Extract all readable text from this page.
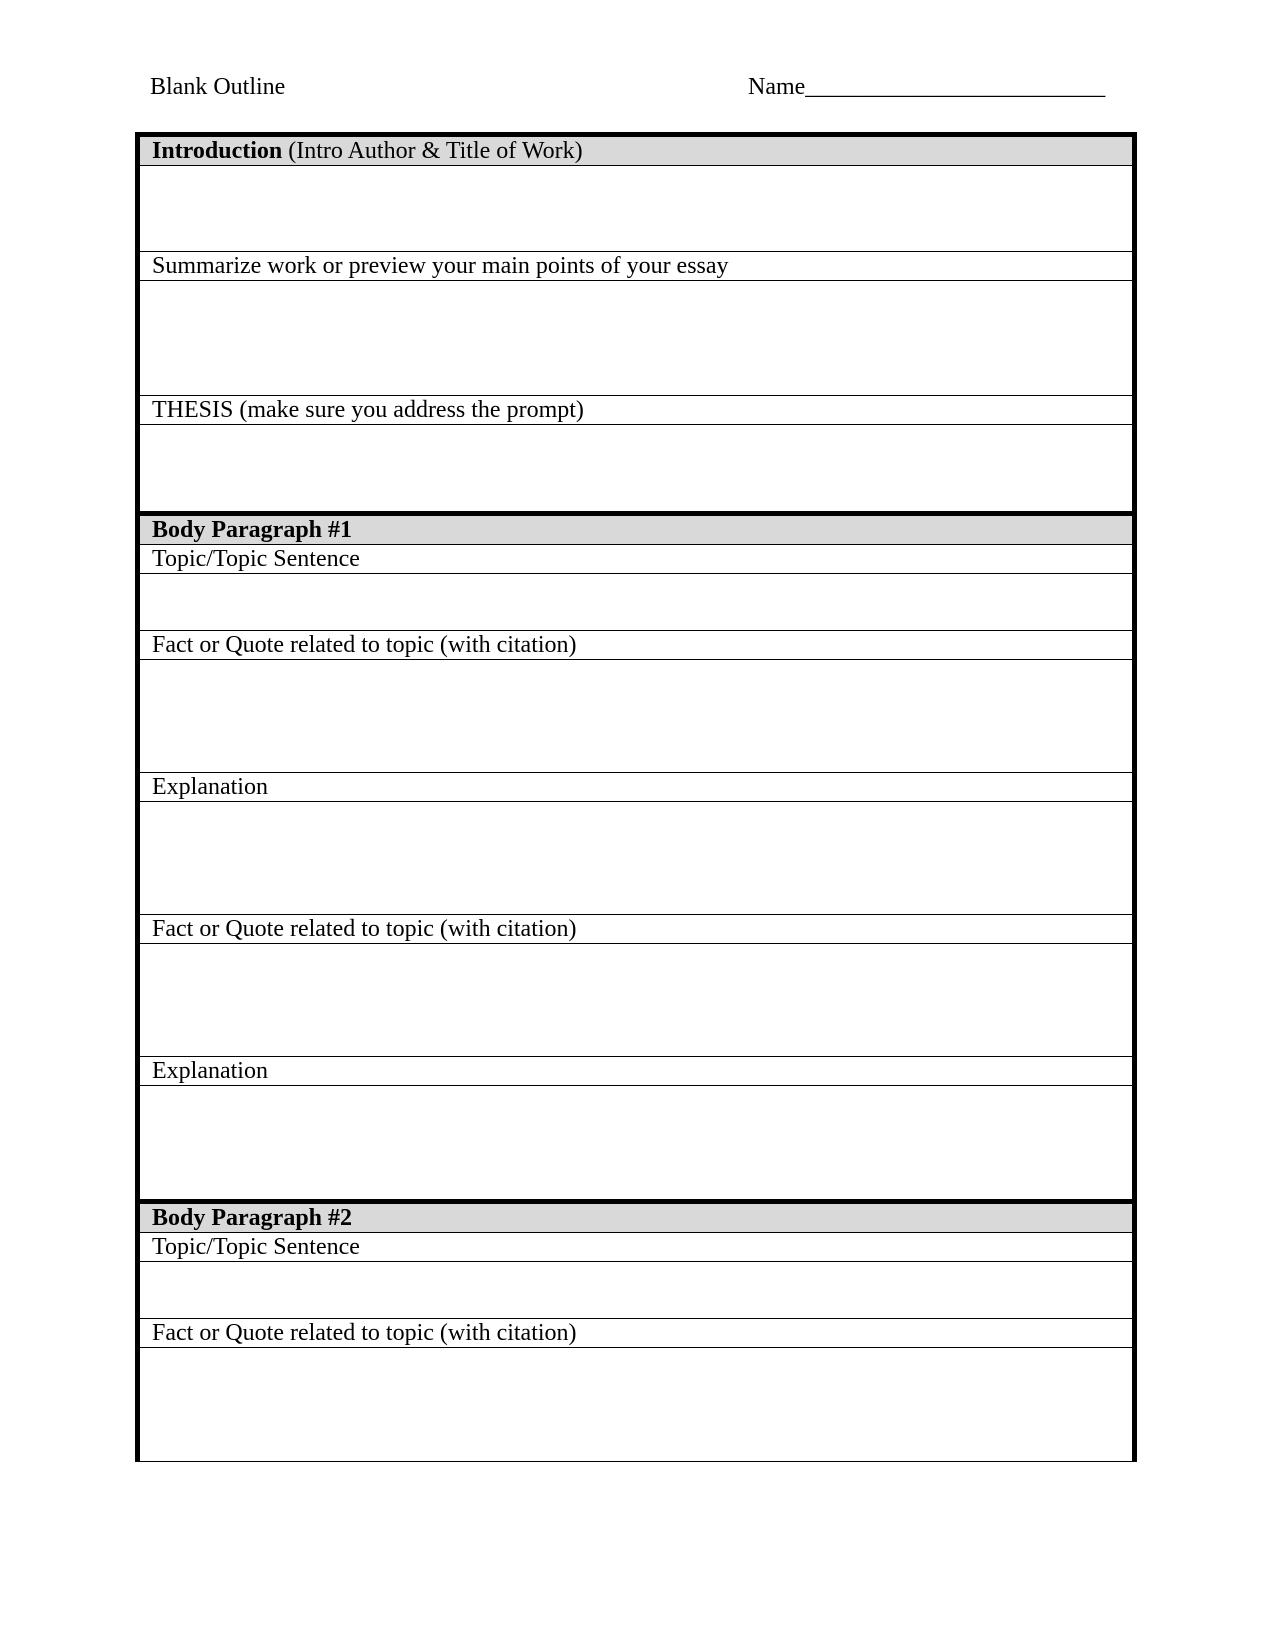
Blank Outline	Name_________________________
Introduction (Intro Author & Title of Work)
Summarize work or preview your main points of your essay
THESIS (make sure you address the prompt)
Body Paragraph #1
Topic/Topic Sentence
Fact or Quote related to topic (with citation)
Explanation
Fact or Quote related to topic (with citation)
Explanation
Body Paragraph #2
Topic/Topic Sentence
Fact or Quote related to topic (with citation)
